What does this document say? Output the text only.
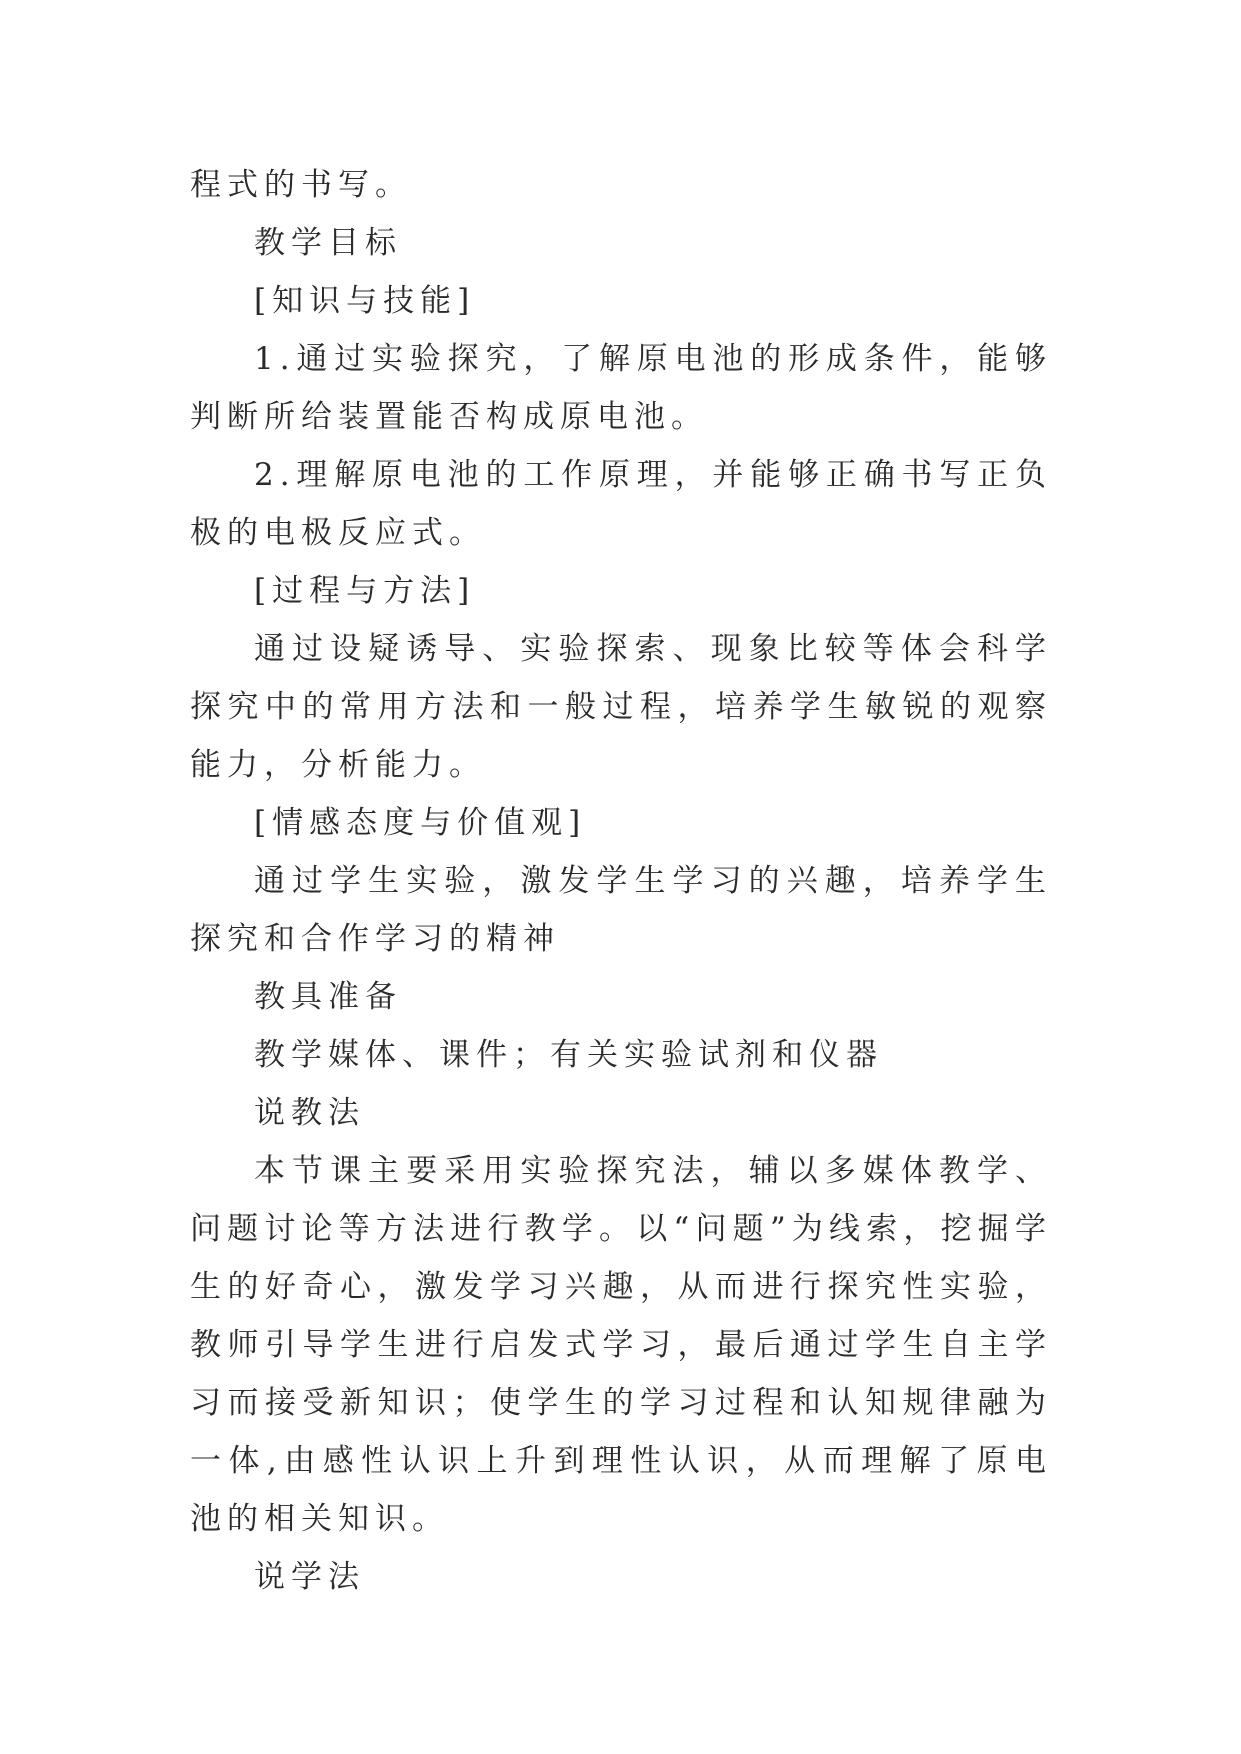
程式的书写。

教学目标

[知识与技能]

1.通过实验探究，了解原电池的形成条件，能够判断所给装置能否构成原电池。

2.理解原电池的工作原理，并能够正确书写正负极的电极反应式。

[过程与方法]

通过设疑诱导、实验探索、现象比较等体会科学探究中的常用方法和一般过程，培养学生敏锐的观察能力，分析能力。

[情感态度与价值观]

通过学生实验，激发学生学习的兴趣，培养学生探究和合作学习的精神

教具准备

教学媒体、课件；有关实验试剂和仪器

说教法

本节课主要采用实验探究法，辅以多媒体教学、问题讨论等方法进行教学。以“问题”为线索，挖掘学生的好奇心，激发学习兴趣，从而进行探究性实验，教师引导学生进行启发式学习，最后通过学生自主学习而接受新知识；使学生的学习过程和认知规律融为一体,由感性认识上升到理性认识，从而理解了原电池的相关知识。

说学法
